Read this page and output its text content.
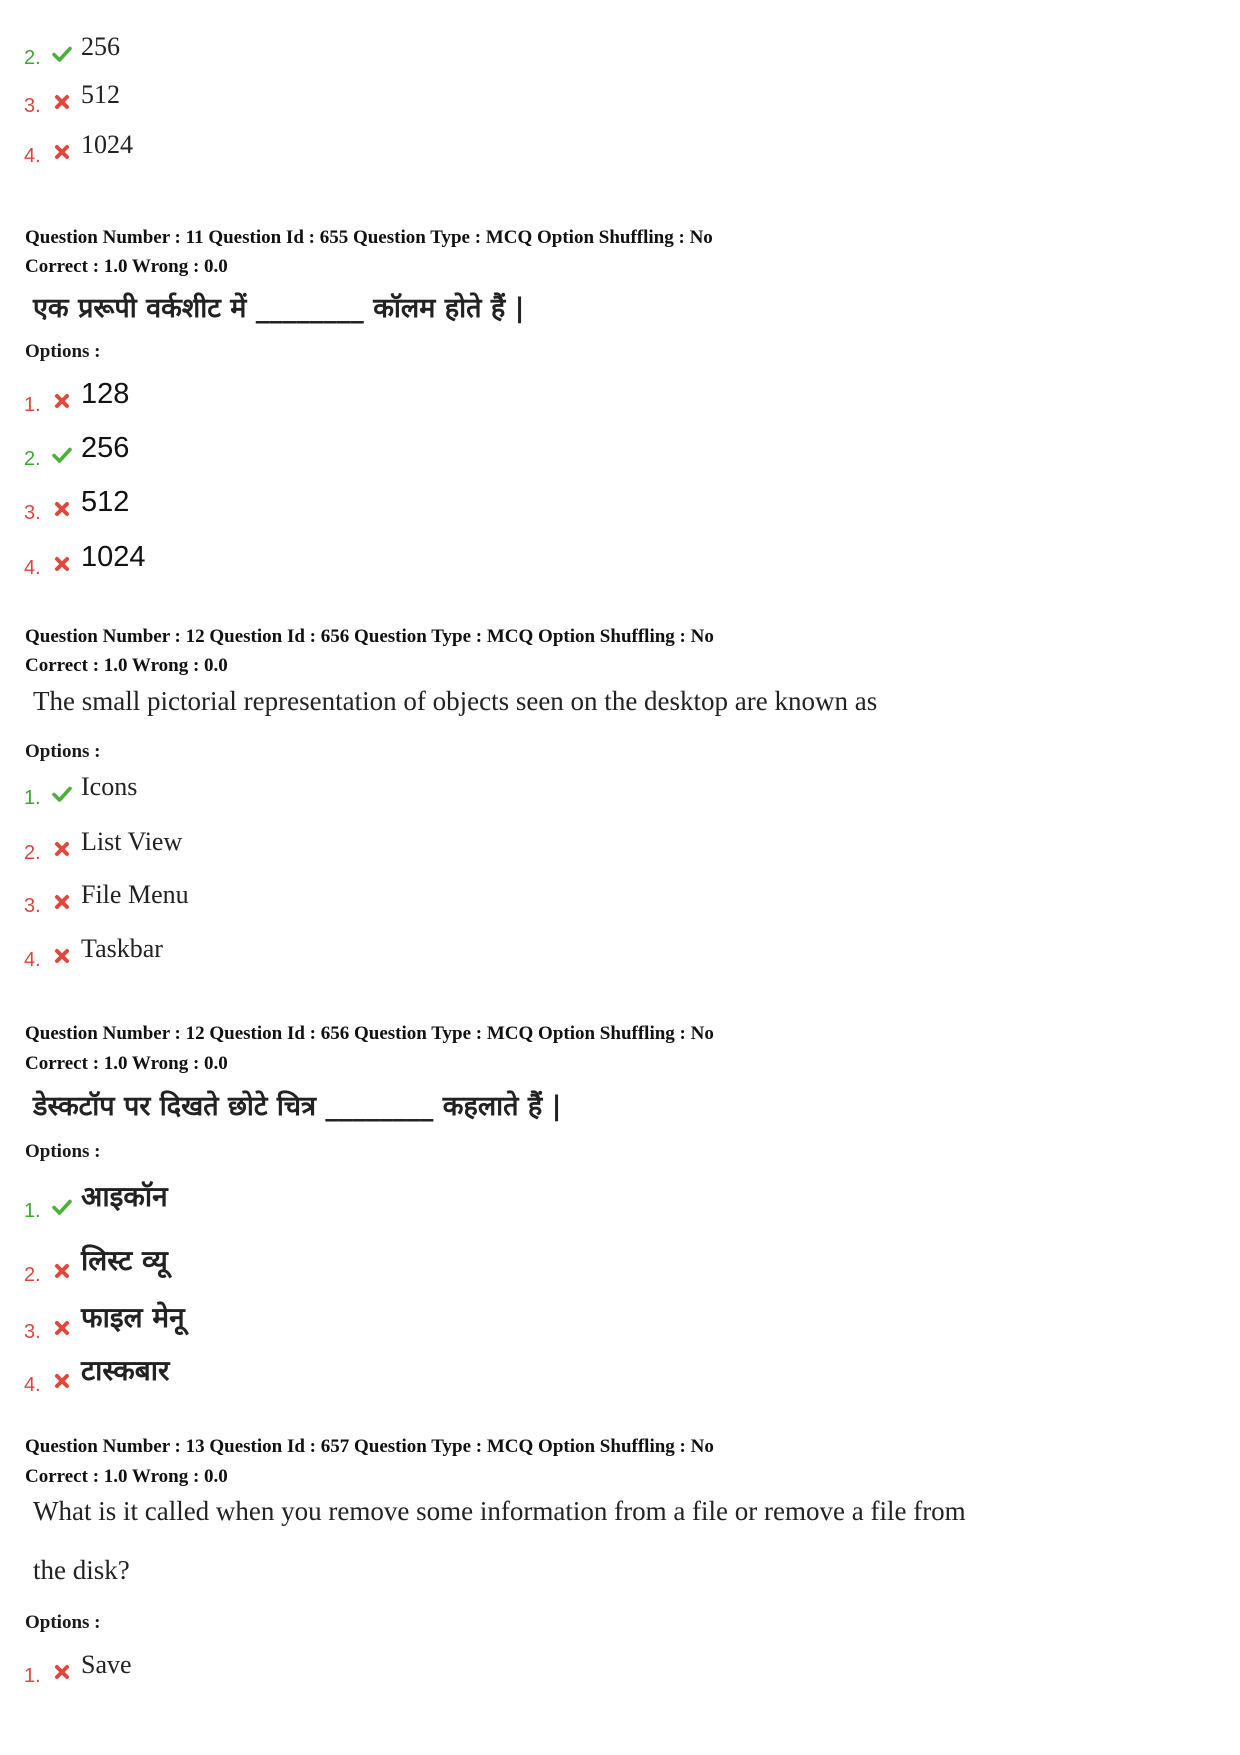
2. 256
3. 512
4. 1024
Question Number : 11 Question Id : 655 Question Type : MCQ Option Shuffling : No
Correct : 1.0 Wrong : 0.0
एक प्ररूपी वर्कशीट में ________ कॉलम होते हैं |
Options :
1. 128
2. 256
3. 512
4. 1024
Question Number : 12 Question Id : 656 Question Type : MCQ Option Shuffling : No
Correct : 1.0 Wrong : 0.0
The small pictorial representation of objects seen on the desktop are known as
Options :
1. Icons
2. List View
3. File Menu
4. Taskbar
Question Number : 12 Question Id : 656 Question Type : MCQ Option Shuffling : No
Correct : 1.0 Wrong : 0.0
डेस्कटॉप पर दिखते छोटे चित्र ________ कहलाते हैं |
Options :
1. आइकॉन
2. लिस्ट व्यू
3. फाइल मेनू
4. टास्कबार
Question Number : 13 Question Id : 657 Question Type : MCQ Option Shuffling : No
Correct : 1.0 Wrong : 0.0
What is it called when you remove some information from a file or remove a file from
the disk?
Options :
1. Save
